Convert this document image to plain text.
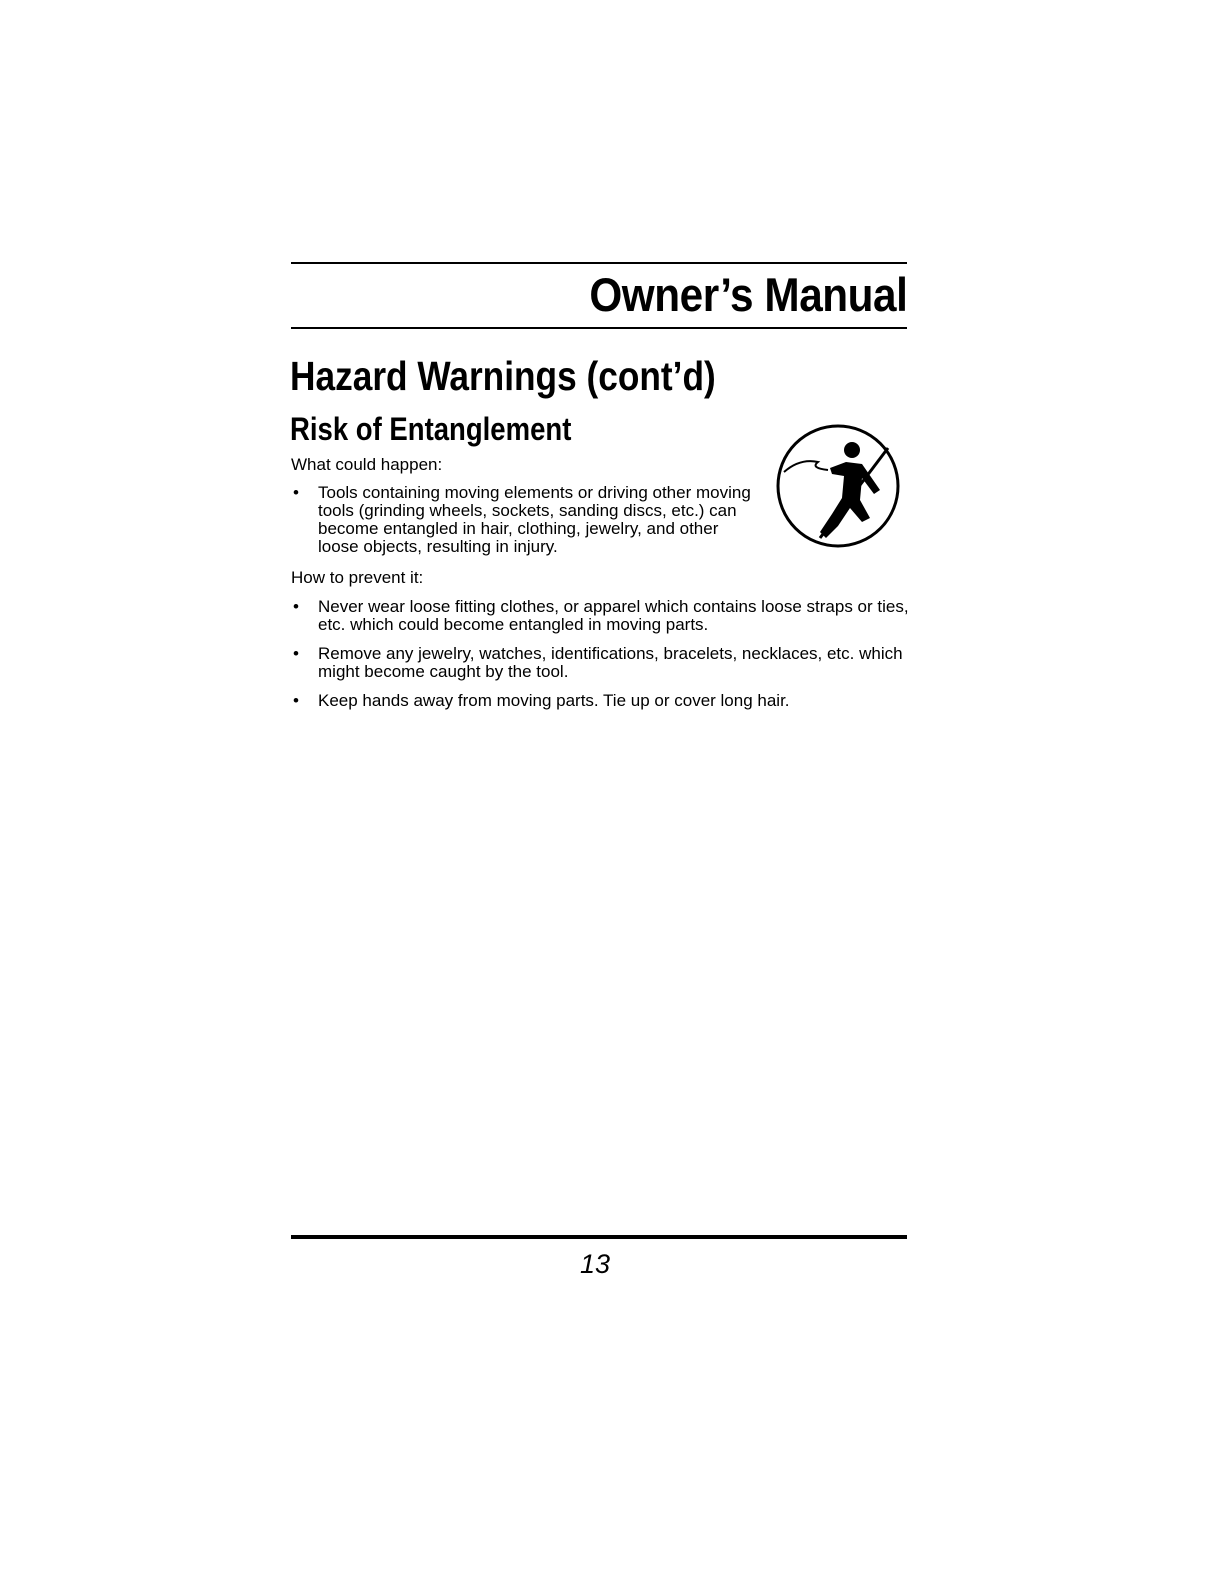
Owner’s Manual
Hazard Warnings (cont’d)
Risk of Entanglement
What could happen:
• Tools containing moving elements or driving other moving tools (grinding wheels, sockets, sanding discs, etc.) can become entangled in hair, clothing, jewelry, and other loose objects, resulting in injury.
How to prevent it:
• Never wear loose fitting clothes, or apparel which contains loose straps or ties, etc. which could become entangled in moving parts.
• Remove any jewelry, watches, identifications, bracelets, necklaces, etc. which might become caught by the tool.
• Keep hands away from moving parts. Tie up or cover long hair.
13
